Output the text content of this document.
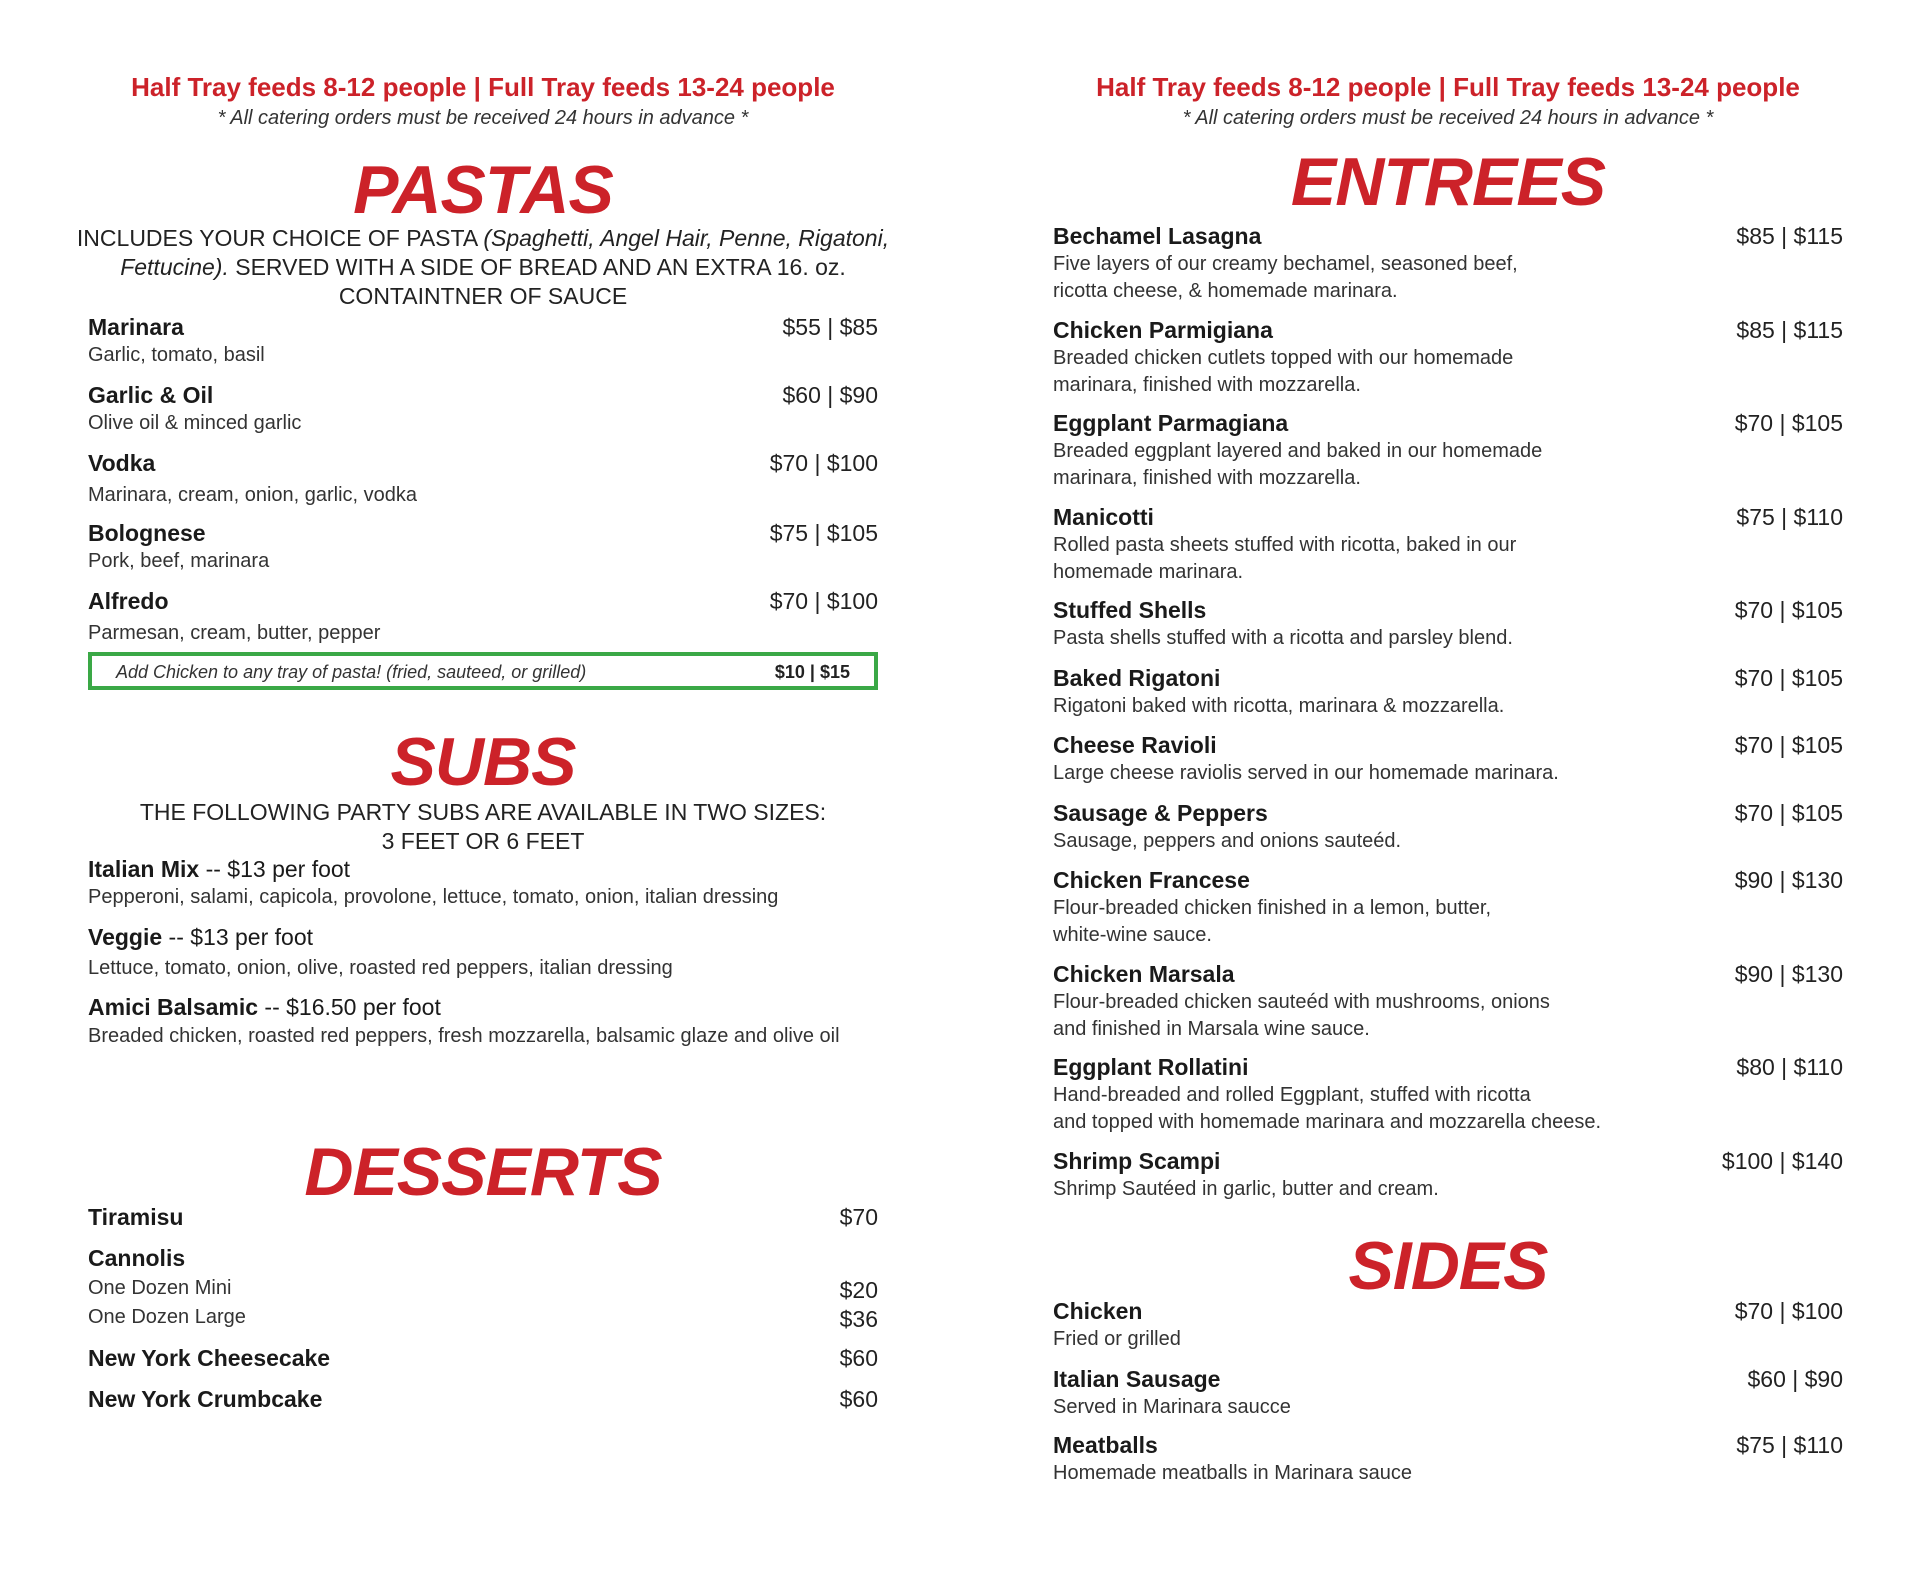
Half Tray feeds 8-12 people | Full Tray feeds 13-24 people
* All catering orders must be received 24 hours in advance *
PASTAS
INCLUDES YOUR CHOICE OF PASTA (Spaghetti, Angel Hair, Penne, Rigatoni, Fettucine). SERVED WITH A SIDE OF BREAD AND AN EXTRA 16. oz. CONTAINTNER OF SAUCE
Marinara
Garlic, tomato, basil
$55 | $85
Garlic & Oil
Olive oil & minced garlic
$60 | $90
Vodka
Marinara, cream, onion, garlic, vodka
$70 | $100
Bolognese
Pork, beef, marinara
$75 | $105
Alfredo
Parmesan, cream, butter, pepper
$70 | $100
Add Chicken to any tray of pasta! (fried, sauteed, or grilled)	$10 | $15
SUBS
THE FOLLOWING PARTY SUBS ARE AVAILABLE IN TWO SIZES:
3 FEET OR 6 FEET
Italian Mix -- $13 per foot
Pepperoni, salami, capicola, provolone, lettuce, tomato, onion, italian dressing
Veggie -- $13 per foot
Lettuce, tomato, onion, olive, roasted red peppers, italian dressing
Amici Balsamic -- $16.50 per foot
Breaded chicken, roasted red peppers, fresh mozzarella, balsamic glaze and olive oil
DESSERTS
Tiramisu	$70
Cannolis
One Dozen Mini	$20
One Dozen Large	$36
New York Cheesecake	$60
New York Crumbcake	$60
Half Tray feeds 8-12 people | Full Tray feeds 13-24 people
* All catering orders must be received 24 hours in advance *
ENTREES
Bechamel Lasagna
Five layers of our creamy bechamel, seasoned beef,
ricotta cheese, & homemade marinara.
$85 | $115
Chicken Parmigiana
Breaded chicken cutlets topped with our homemade
marinara, finished with mozzarella.
$85 | $115
Eggplant Parmagiana
Breaded eggplant layered and baked in our homemade
marinara, finished with mozzarella.
$70 | $105
Manicotti
Rolled pasta sheets stuffed with ricotta, baked in our
homemade marinara.
$75 | $110
Stuffed Shells
Pasta shells stuffed with a ricotta and parsley blend.
$70 | $105
Baked Rigatoni
Rigatoni baked with ricotta, marinara & mozzarella.
$70 | $105
Cheese Ravioli
Large cheese raviolis served in our homemade marinara.
$70 | $105
Sausage & Peppers
Sausage, peppers and onions sauteéd.
$70 | $105
Chicken Francese
Flour-breaded chicken finished in a lemon, butter,
white-wine sauce.
$90 | $130
Chicken Marsala
Flour-breaded chicken sauteéd with mushrooms, onions
and finished in Marsala wine sauce.
$90 | $130
Eggplant Rollatini
Hand-breaded and rolled Eggplant, stuffed with ricotta
and topped with homemade marinara and mozzarella cheese.
$80 | $110
Shrimp Scampi
Shrimp Sautéed in garlic, butter and cream.
$100 | $140
SIDES
Chicken
Fried or grilled
$70 | $100
Italian Sausage
Served in Marinara saucce
$60 | $90
Meatballs
Homemade meatballs in Marinara sauce
$75 | $110
